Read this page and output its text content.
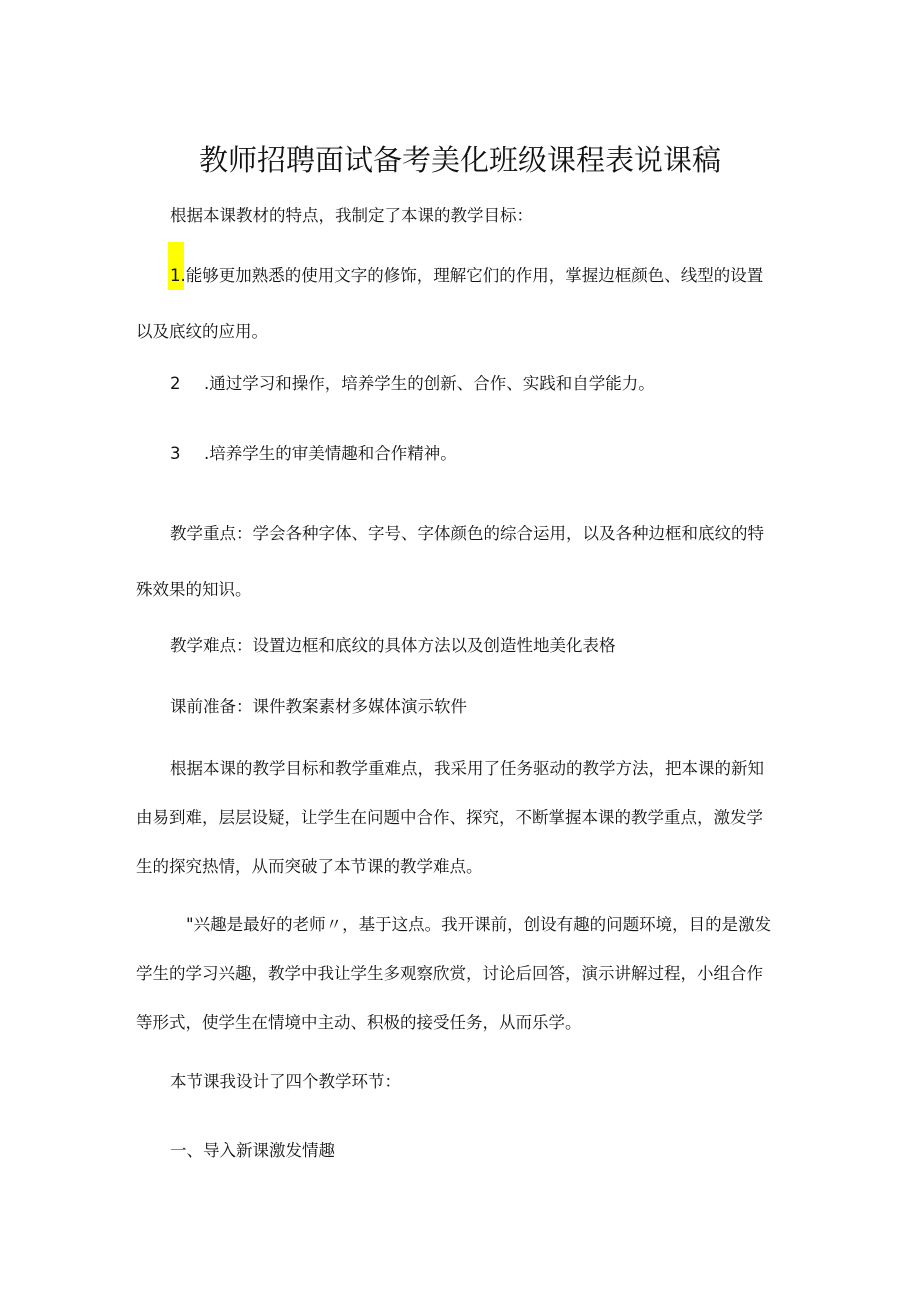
教师招聘面试备考美化班级课程表说课稿
根据本课教材的特点，我制定了本课的教学目标：
1.能够更加熟悉的使用文字的修饰，理解它们的作用，掌握边框颜色、线型的设置
以及底纹的应用。
2 .通过学习和操作，培养学生的创新、合作、实践和自学能力。
3 .培养学生的审美情趣和合作精神。
教学重点：学会各种字体、字号、字体颜色的综合运用，以及各种边框和底纹的特
殊效果的知识。
教学难点：设置边框和底纹的具体方法以及创造性地美化表格
课前准备：课件教案素材多媒体演示软件
根据本课的教学目标和教学重难点，我采用了任务驱动的教学方法，把本课的新知
由易到难，层层设疑，让学生在问题中合作、探究，不断掌握本课的教学重点，激发学
生的探究热情，从而突破了本节课的教学难点。
"兴趣是最好的老师〃，基于这点。我开课前，创设有趣的问题环境，目的是激发
学生的学习兴趣，教学中我让学生多观察欣赏，讨论后回答，演示讲解过程，小组合作
等形式，使学生在情境中主动、积极的接受任务，从而乐学。
本节课我设计了四个教学环节：
一、导入新课激发情趣
